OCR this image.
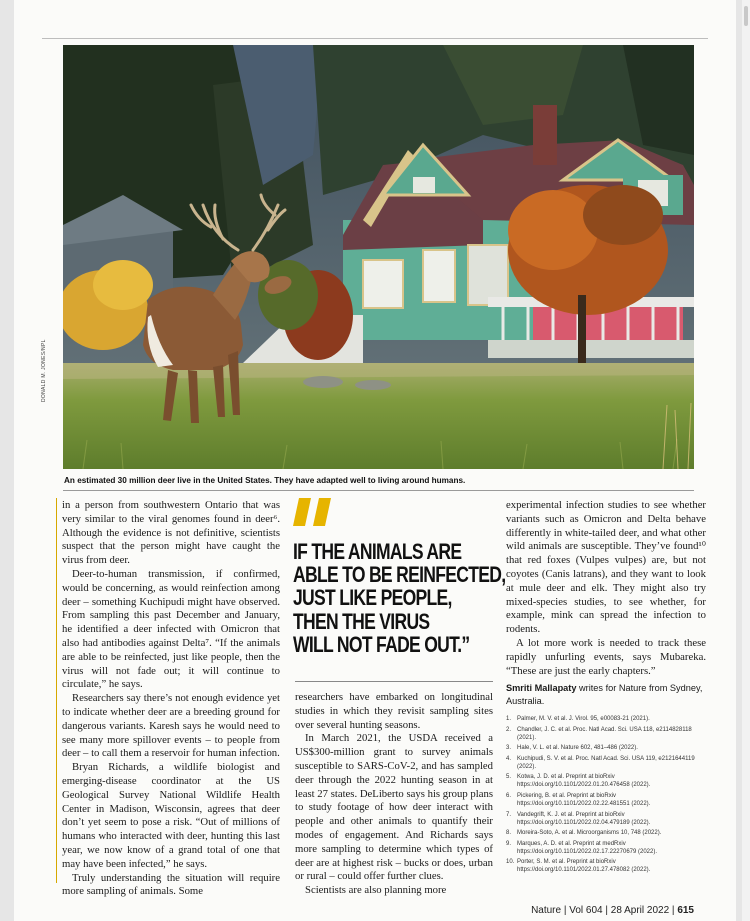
DONALD M. JONES/NPL
An estimated 30 million deer live in the United States. They have adapted well to living around humans.

in a person from southwestern Ontario that was very similar to the viral genomes found in deer⁶. Although the evidence is not definitive, scientists suspect that the person might have caught the virus from deer.

Deer-to-human transmission, if confirmed, would be concerning, as would reinfection among deer – something Kuchipudi might have observed. From sampling this past December and January, he identified a deer infected with Omicron that also had antibodies against Delta⁷. “If the animals are able to be reinfected, just like people, then the virus will not fade out; it will continue to circulate,” he says.

Researchers say there’s not enough evidence yet to indicate whether deer are a breeding ground for dangerous variants. Karesh says he would need to see many more spillover events – to people from deer – to call them a reservoir for human infection.

Bryan Richards, a wildlife biologist and emerging-disease coordinator at the US Geological Survey National Wildlife Health Center in Madison, Wisconsin, agrees that deer don’t yet seem to pose a risk. “Out of millions of humans who interacted with deer, hunting this last year, we now know of a grand total of one that may have been infected,” he says.

Truly understanding the situation will require more sampling of animals. Some

IF THE ANIMALS ARE
ABLE TO BE REINFECTED,
JUST LIKE PEOPLE,
THEN THE VIRUS
WILL NOT FADE OUT.”

researchers have embarked on longitudinal studies in which they revisit sampling sites over several hunting seasons.

In March 2021, the USDA received a US$300-million grant to survey animals susceptible to SARS-CoV-2, and has sampled deer through the 2022 hunting season in at least 27 states. DeLiberto says his group plans to study footage of how deer interact with people and other animals to quantify their modes of engagement. And Richards says more sampling to determine which types of deer are at highest risk – bucks or does, urban or rural – could offer further clues.

Scientists are also planning more

experimental infection studies to see whether variants such as Omicron and Delta behave differently in white-tailed deer, and what other wild animals are susceptible. They’ve found¹⁰ that red foxes (Vulpes vulpes) are, but not coyotes (Canis latrans), and they want to look at mule deer and elk. They might also try mixed-species studies, to see whether, for example, mink can spread the infection to rodents.

A lot more work is needed to track these rapidly unfurling events, says Mubareka. “These are just the early chapters.”

Smriti Mallapaty writes for Nature from Sydney, Australia.
1. Palmer, M. V. et al. J. Virol. 95, e00083-21 (2021).
2. Chandler, J. C. et al. Proc. Natl Acad. Sci. USA 118, e2114828118 (2021).
3. Hale, V. L. et al. Nature 602, 481–486 (2022).
4. Kuchipudi, S. V. et al. Proc. Natl Acad. Sci. USA 119, e2121644119 (2022).
5. Kotwa, J. D. et al. Preprint at bioRxiv https://doi.org/10.1101/2022.01.20.476458 (2022).
6. Pickering, B. et al. Preprint at bioRxiv https://doi.org/10.1101/2022.02.22.481551 (2022).
7. Vandegrift, K. J. et al. Preprint at bioRxiv https://doi.org/10.1101/2022.02.04.479189 (2022).
8. Moreira-Soto, A. et al. Microorganisms 10, 748 (2022).
9. Marques, A. D. et al. Preprint at medRxiv https://doi.org/10.1101/2022.02.17.22270679 (2022).
10. Porter, S. M. et al. Preprint at bioRxiv https://doi.org/10.1101/2022.01.27.478082 (2022).
Nature | Vol 604 | 28 April 2022 | 615
